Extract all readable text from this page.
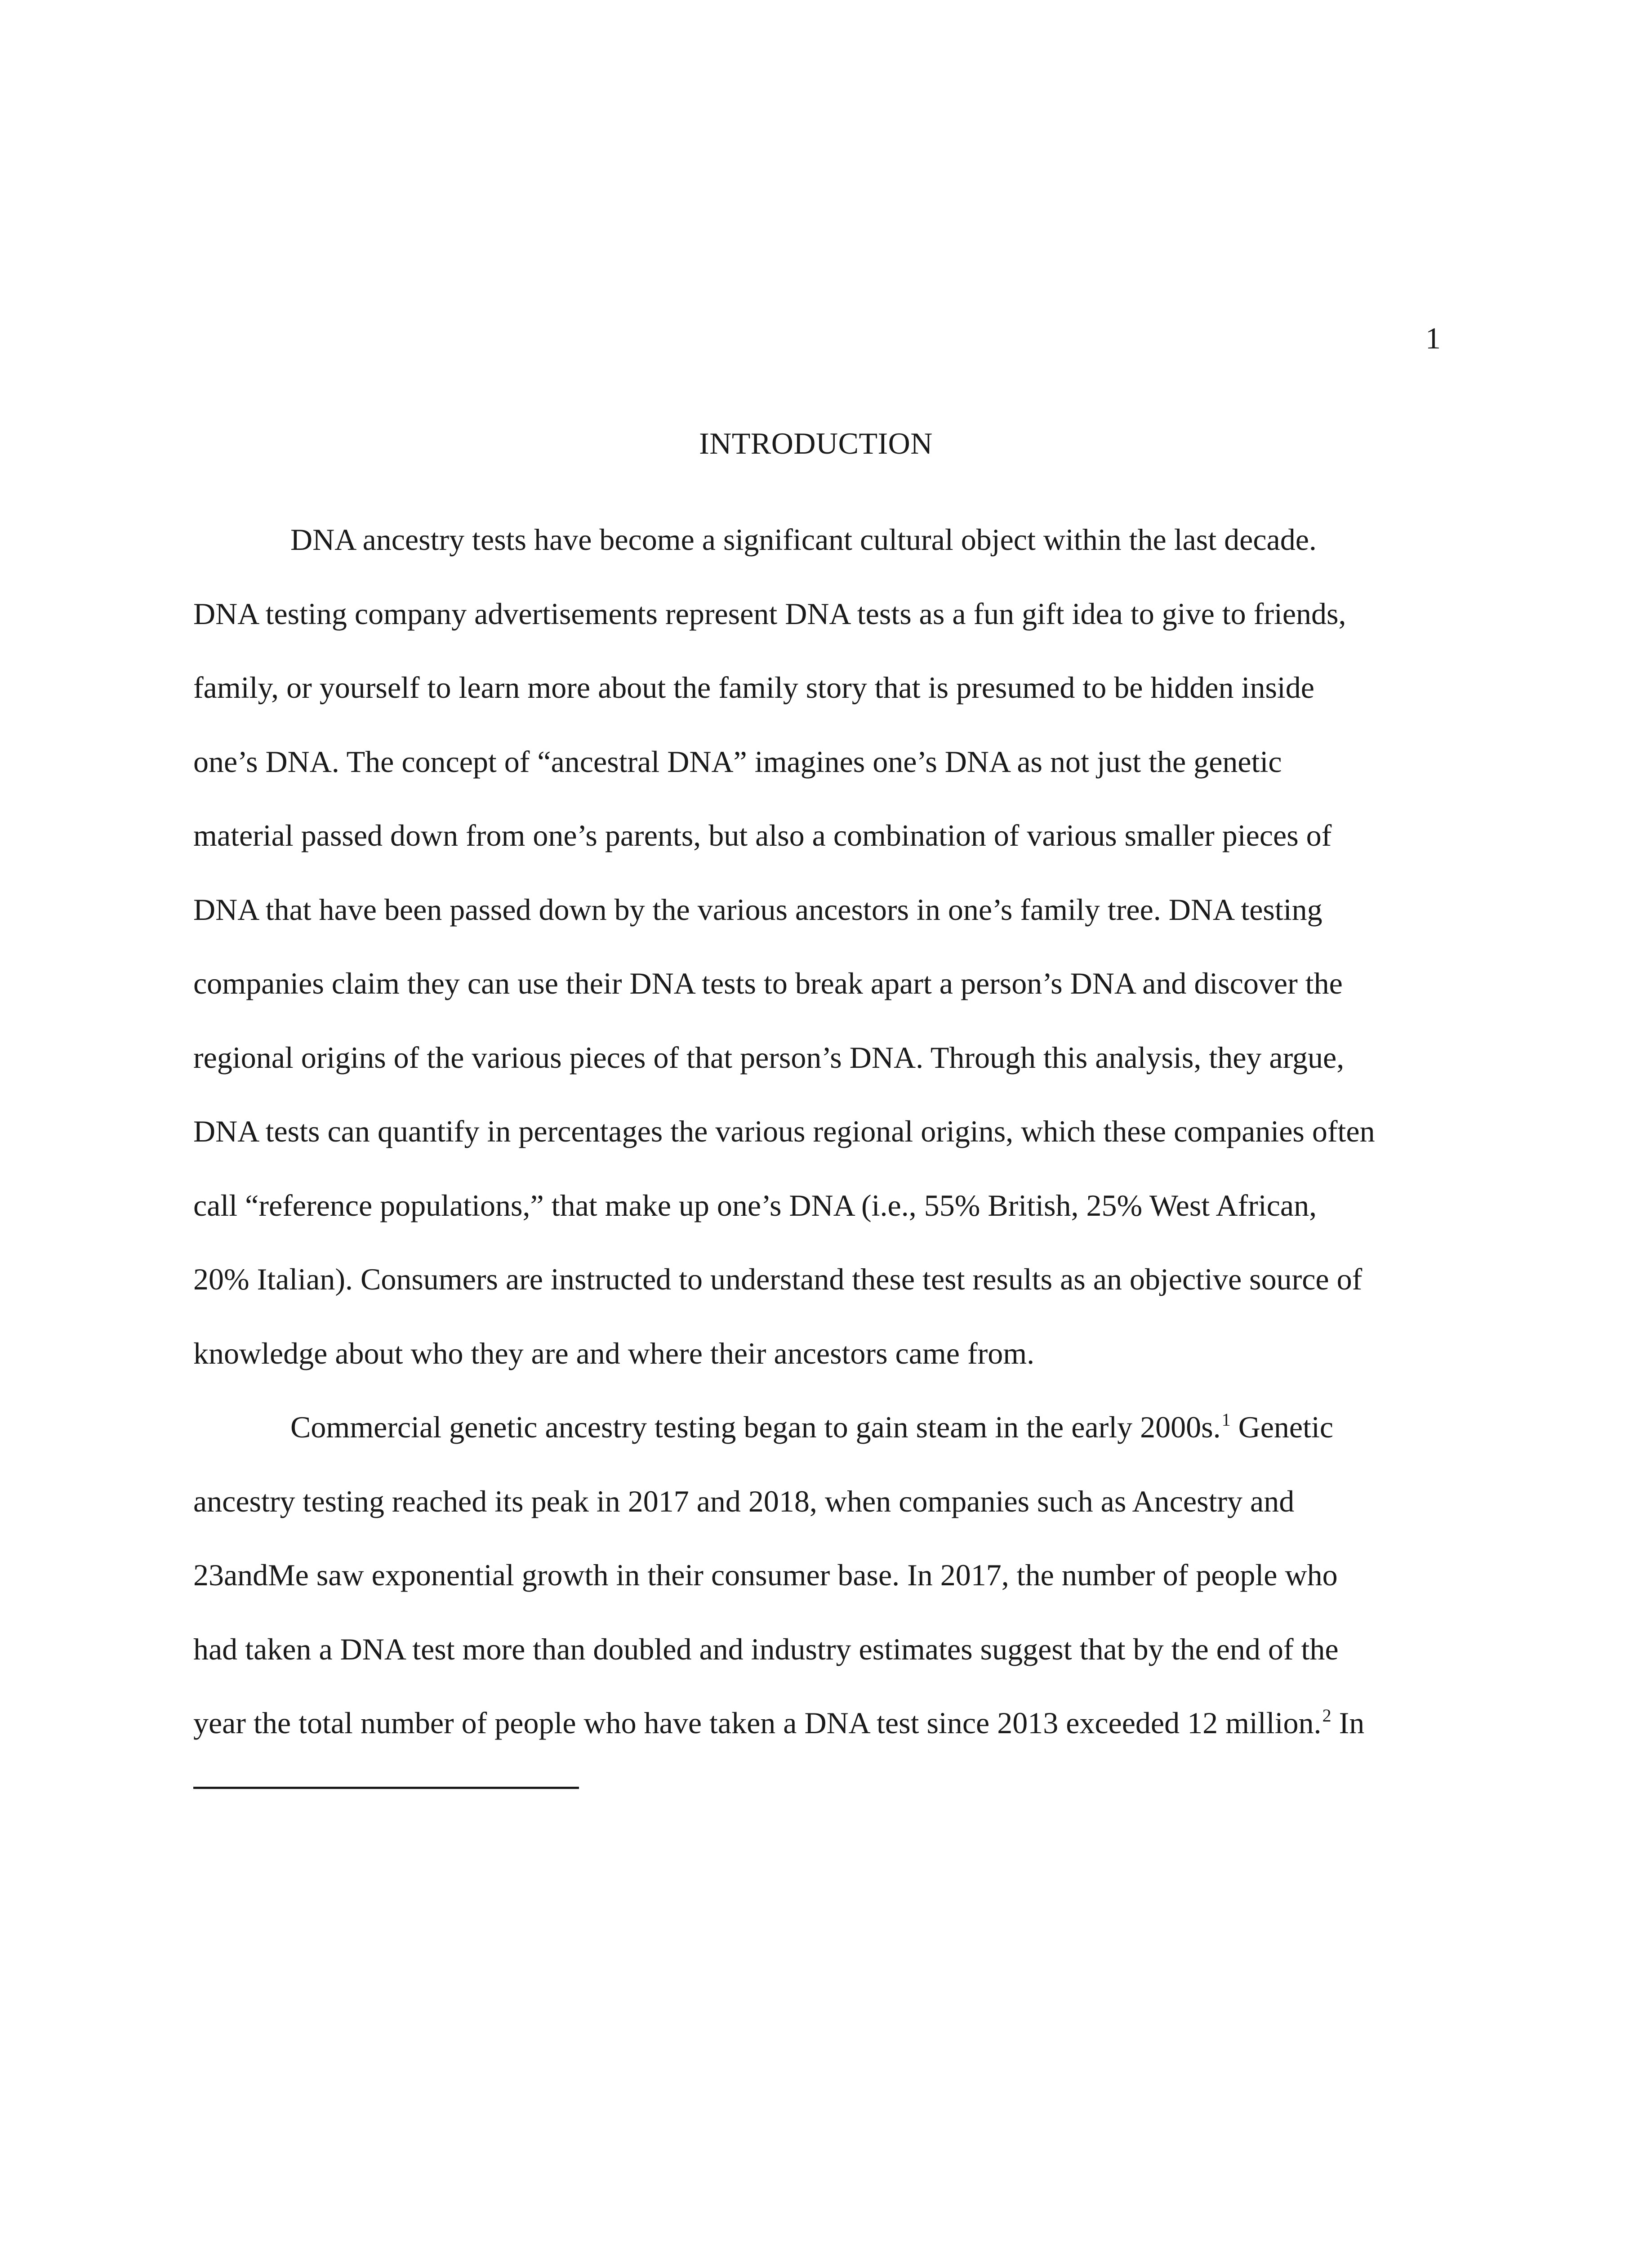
1
INTRODUCTION
DNA ancestry tests have become a significant cultural object within the last decade.
DNA testing company advertisements represent DNA tests as a fun gift idea to give to friends,
family, or yourself to learn more about the family story that is presumed to be hidden inside
one’s DNA. The concept of “ancestral DNA” imagines one’s DNA as not just the genetic
material passed down from one’s parents, but also a combination of various smaller pieces of
DNA that have been passed down by the various ancestors in one’s family tree. DNA testing
companies claim they can use their DNA tests to break apart a person’s DNA and discover the
regional origins of the various pieces of that person’s DNA. Through this analysis, they argue,
DNA tests can quantify in percentages the various regional origins, which these companies often
call “reference populations,” that make up one’s DNA (i.e., 55% British, 25% West African,
20% Italian). Consumers are instructed to understand these test results as an objective source of
knowledge about who they are and where their ancestors came from.
Commercial genetic ancestry testing began to gain steam in the early 2000s.$^1$ Genetic
ancestry testing reached its peak in 2017 and 2018, when companies such as Ancestry and
23andMe saw exponential growth in their consumer base. In 2017, the number of people who
had taken a DNA test more than doubled and industry estimates suggest that by the end of the
year the total number of people who have taken a DNA test since 2013 exceeded 12 million.$^2$ In
